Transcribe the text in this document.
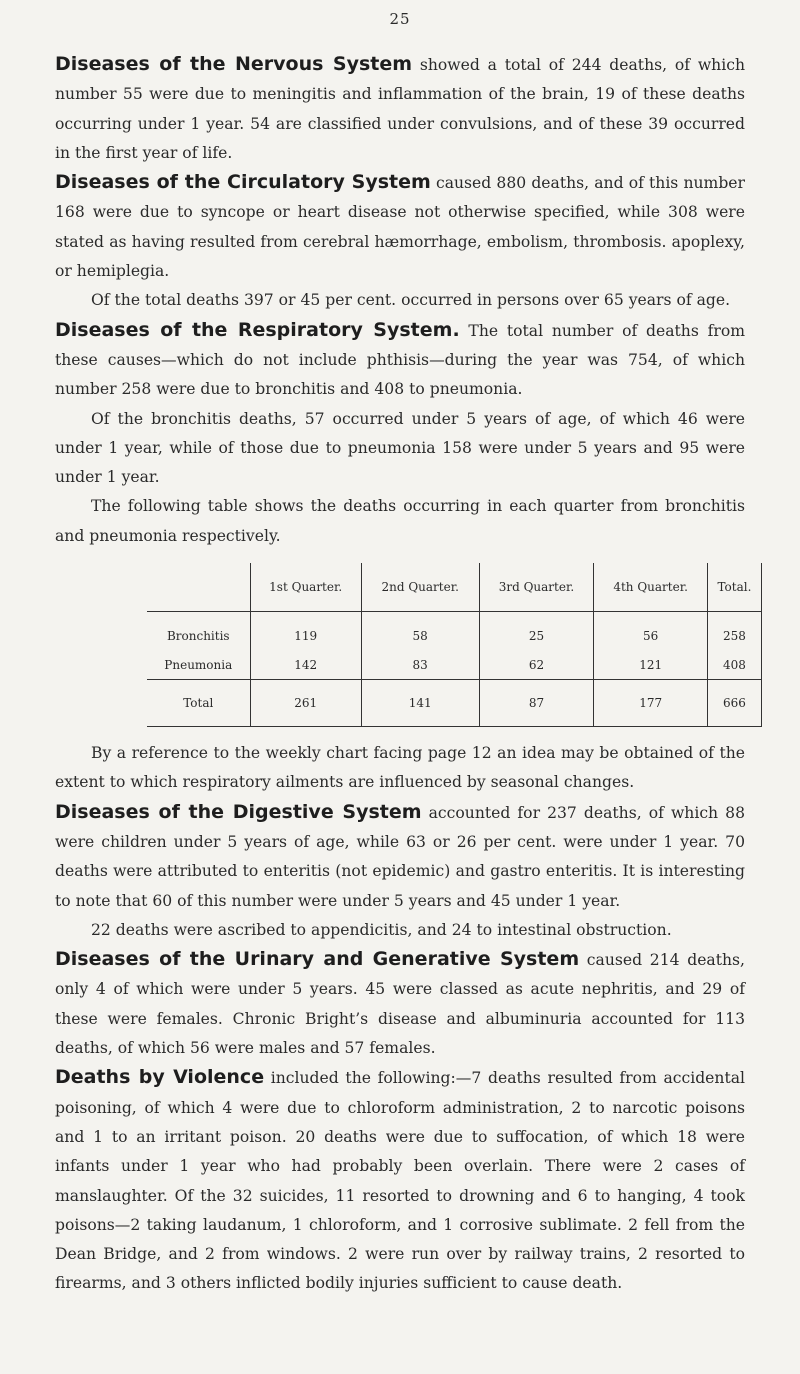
25

Diseases of the Nervous System showed a total of 244 deaths, of which number 55 were due to meningitis and inflammation of the brain, 19 of these deaths occurring under 1 year. 54 are classified under convulsions, and of these 39 occurred in the first year of life.

Diseases of the Circulatory System caused 880 deaths, and of this number 168 were due to syncope or heart disease not otherwise specified, while 308 were stated as having resulted from cerebral hæmorrhage, embolism, thrombosis. apoplexy, or hemiplegia.

Of the total deaths 397 or 45 per cent. occurred in persons over 65 years of age.

Diseases of the Respiratory System. The total number of deaths from these causes—which do not include phthisis—during the year was 754, of which number 258 were due to bronchitis and 408 to pneumonia.

Of the bronchitis deaths, 57 occurred under 5 years of age, of which 46 were under 1 year, while of those due to pneumonia 158 were under 5 years and 95 were under 1 year.

The following table shows the deaths occurring in each quarter from bronchitis and pneumonia respectively.

	1st Quarter.	2nd Quarter.	3rd Quarter.	4th Quarter.	Total.
Bronchitis	119	58	25	56	258
Pneumonia	142	83	62	121	408
Total	261	141	87	177	666

By a reference to the weekly chart facing page 12 an idea may be obtained of the extent to which respiratory ailments are influenced by seasonal changes.

Diseases of the Digestive System accounted for 237 deaths, of which 88 were children under 5 years of age, while 63 or 26 per cent. were under 1 year. 70 deaths were attributed to enteritis (not epidemic) and gastro enteritis. It is interesting to note that 60 of this number were under 5 years and 45 under 1 year.

22 deaths were ascribed to appendicitis, and 24 to intestinal obstruction.

Diseases of the Urinary and Generative System caused 214 deaths, only 4 of which were under 5 years. 45 were classed as acute nephritis, and 29 of these were females. Chronic Bright’s disease and albuminuria accounted for 113 deaths, of which 56 were males and 57 females.

Deaths by Violence included the following:—7 deaths resulted from accidental poisoning, of which 4 were due to chloroform administration, 2 to narcotic poisons and 1 to an irritant poison. 20 deaths were due to suffocation, of which 18 were infants under 1 year who had probably been overlain. There were 2 cases of manslaughter. Of the 32 suicides, 11 resorted to drowning and 6 to hanging, 4 took poisons—2 taking laudanum, 1 chloroform, and 1 corrosive sublimate. 2 fell from the Dean Bridge, and 2 from windows. 2 were run over by railway trains, 2 resorted to firearms, and 3 others inflicted bodily injuries sufficient to cause death.
